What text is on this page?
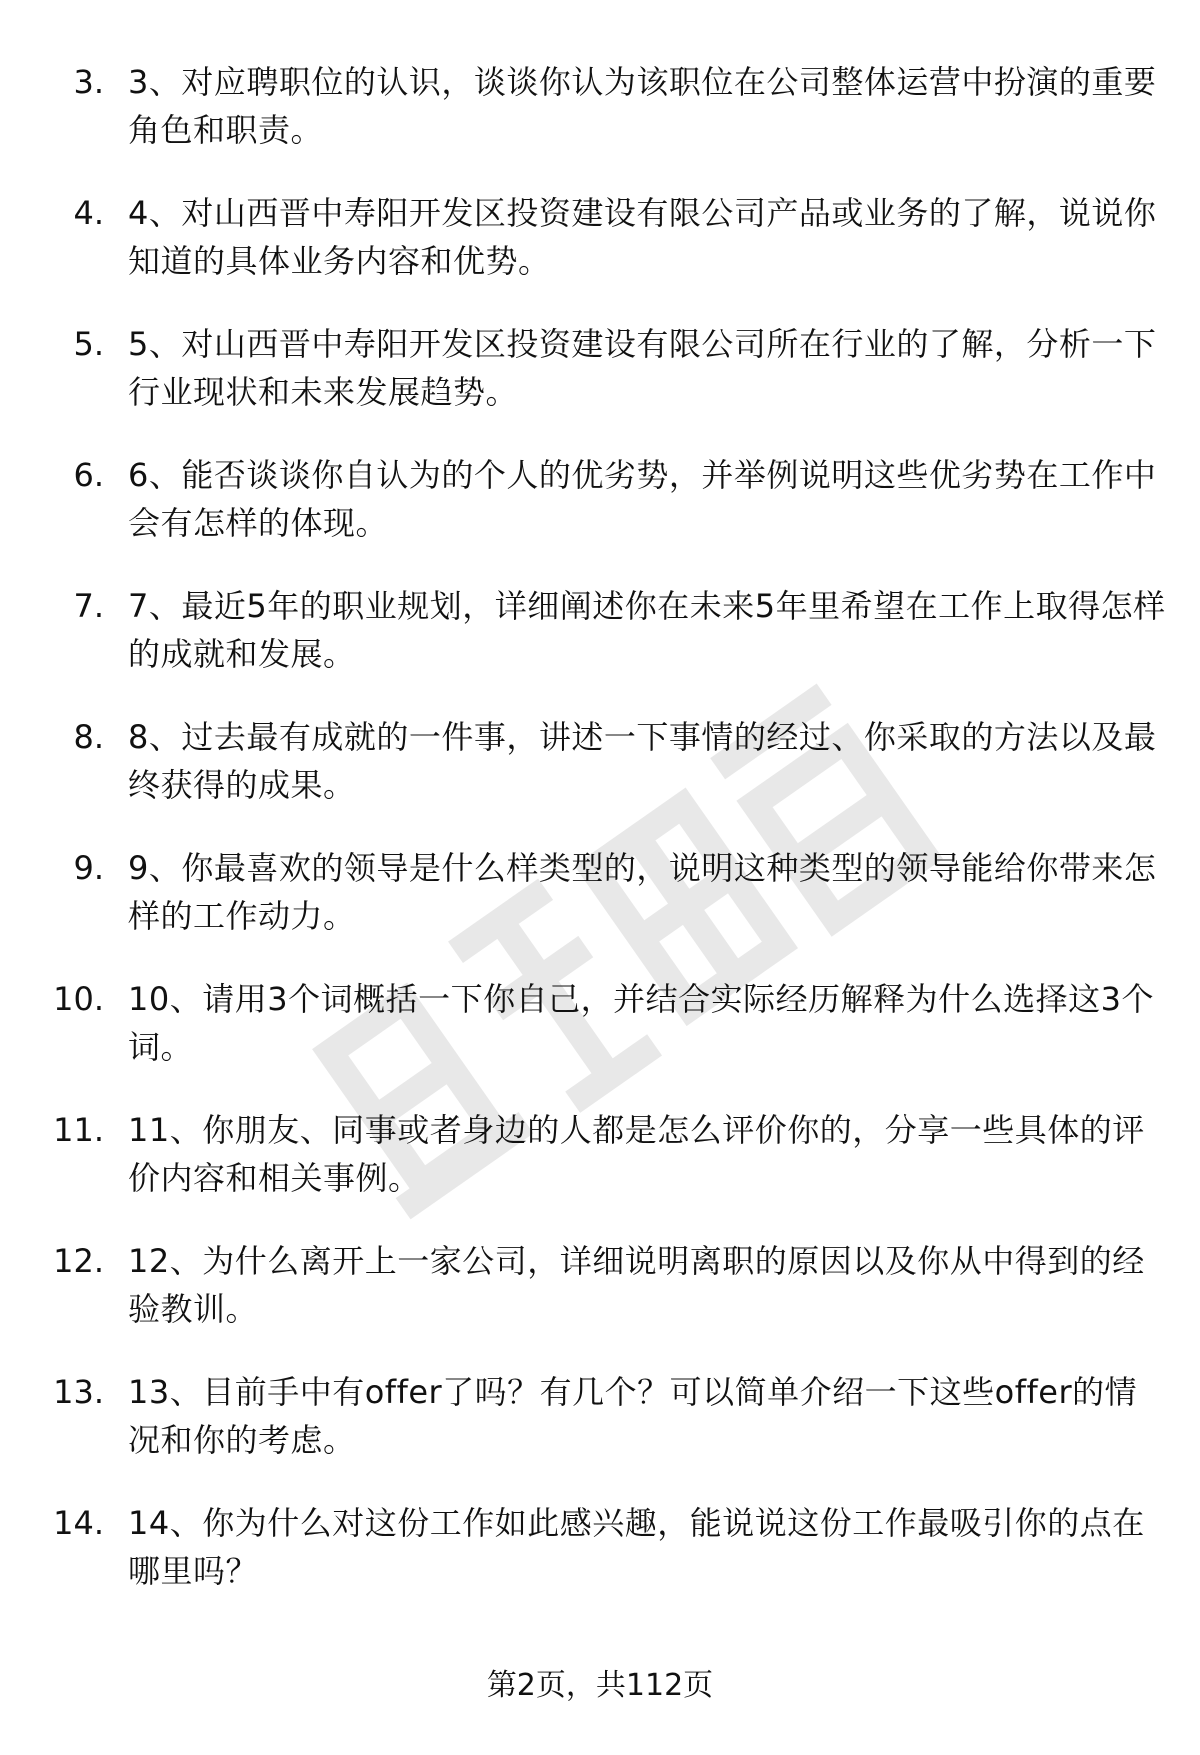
3. 3、对应聘职位的认识，谈谈你认为该职位在公司整体运营中扮演的重要角色和职责。
4. 4、对山西晋中寿阳开发区投资建设有限公司产品或业务的了解，说说你知道的具体业务内容和优势。
5. 5、对山西晋中寿阳开发区投资建设有限公司所在行业的了解，分析一下行业现状和未来发展趋势。
6. 6、能否谈谈你自认为的个人的优劣势，并举例说明这些优劣势在工作中会有怎样的体现。
7. 7、最近5年的职业规划，详细阐述你在未来5年里希望在工作上取得怎样的成就和发展。
8. 8、过去最有成就的一件事，讲述一下事情的经过、你采取的方法以及最终获得的成果。
9. 9、你最喜欢的领导是什么样类型的，说明这种类型的领导能给你带来怎样的工作动力。
10. 10、请用3个词概括一下你自己，并结合实际经历解释为什么选择这3个词。
11. 11、你朋友、同事或者身边的人都是怎么评价你的，分享一些具体的评价内容和相关事例。
12. 12、为什么离开上一家公司，详细说明离职的原因以及你从中得到的经验教训。
13. 13、目前手中有offer了吗？有几个？可以简单介绍一下这些offer的情况和你的考虑。
14. 14、你为什么对这份工作如此感兴趣，能说说这份工作最吸引你的点在哪里吗？
第2页，共112页
